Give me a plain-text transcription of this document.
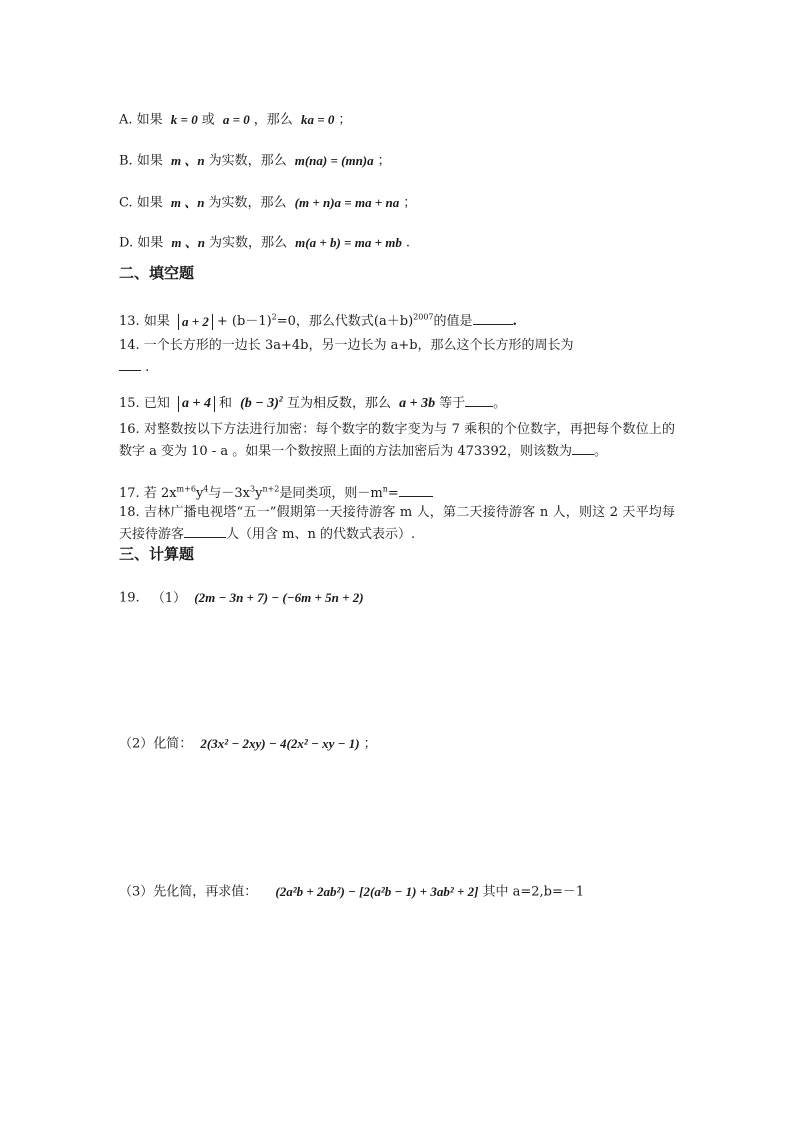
A. 如果 k = 0 或 a = 0 ，那么 ka = 0 ；
B. 如果 m 、n 为实数，那么 m(na) = (mn)a ；
C. 如果 m 、n 为实数，那么 (m + n)a = ma + na ；
D. 如果 m 、n 为实数，那么 m(a + b) = ma + mb .
二、填空题
13. 如果 $a + 2 + (b-1)^2=0$，那么代数式$(a+b)^{2007}$的值是	.
14. 一个长方形的一边长 3a+4b，另一边长为 a+b，那么这个长方形的周长为
.
15. 已知 a + 4 和 $(b - 3)^2$ 互为相反数，那么 a + 3b 等于 。
16. 对整数按以下方法进行加密：每个数字的数字变为与 7 乘积的个位数字，再把每个数位上的 数字 a 变为 10 - a 。如果一个数按照上面的方法加密后为 473392，则该数为 。
17. 若 $2x^{m+6}y^4$与$-3x^3y^{n+2}$是同类项，则$-m^n=$
18. 吉林广播电视塔“五一”假期第一天接待游客 m 人，第二天接待游客 n 人，则这 2 天平均每天接待游客	人（用含 m、n 的代数式表示）.
三、计算题
19. （1） (2m − 3n + 7) − (−6m + 5n + 2)
（2）化简： 2(3x² − 2xy) − 4(2x² − xy − 1) ；
（3）先化简，再求值： (2a²b + 2ab²) − [2(a²b − 1) + 3ab² + 2] 其中 a=2,b=－1
